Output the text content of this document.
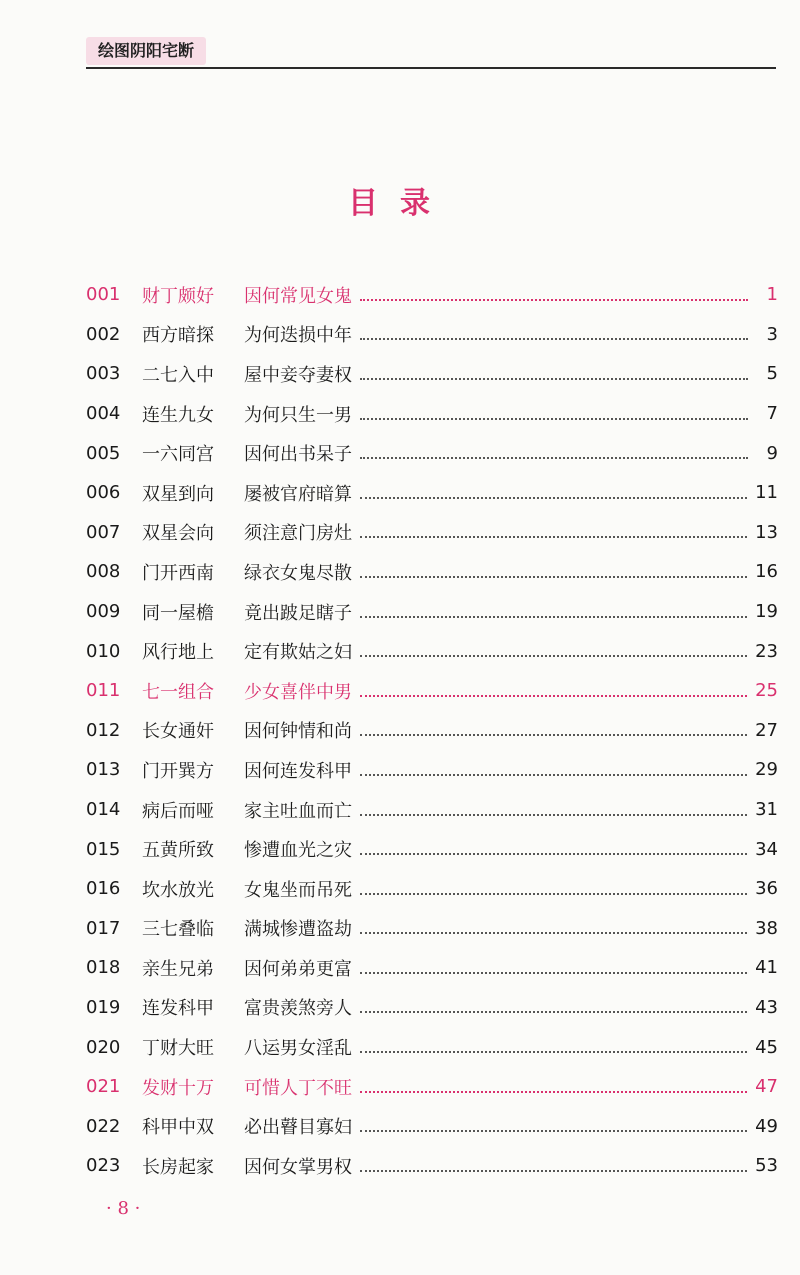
绘图阴阳宅断
目录
001	财丁颇好	因何常见女鬼	1
002	西方暗探	为何迭损中年	3
003	二七入中	屋中妾夺妻权	5
004	连生九女	为何只生一男	7
005	一六同宫	因何出书呆子	9
006	双星到向	屡被官府暗算	11
007	双星会向	须注意门房灶	13
008	门开西南	绿衣女鬼尽散	16
009	同一屋檐	竟出跛足瞎子	19
010	风行地上	定有欺姑之妇	23
011	七一组合	少女喜伴中男	25
012	长女通奸	因何钟情和尚	27
013	门开巽方	因何连发科甲	29
014	病后而哑	家主吐血而亡	31
015	五黄所致	惨遭血光之灾	34
016	坎水放光	女鬼坐而吊死	36
017	三七叠临	满城惨遭盗劫	38
018	亲生兄弟	因何弟弟更富	41
019	连发科甲	富贵羡煞旁人	43
020	丁财大旺	八运男女淫乱	45
021	发财十万	可惜人丁不旺	47
022	科甲中双	必出瞽目寡妇	49
023	长房起家	因何女掌男权	53
· 8 ·
